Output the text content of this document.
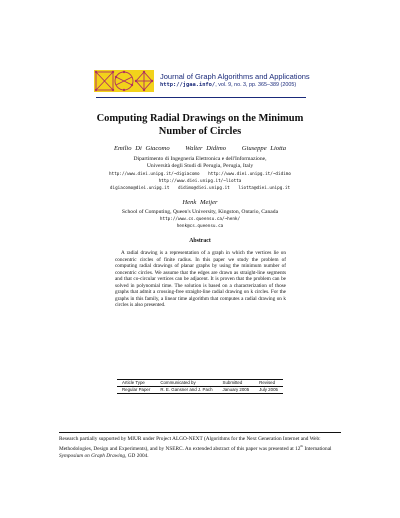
Journal of Graph Algorithms and Applications
http://jgaa.info/, vol. 9, no. 3, pp. 365–389 (2005)
Computing Radial Drawings on the Minimum
Number of Circles
Emilio Di Giacomo Walter Didimo Giuseppe Liotta
Dipartimento di Ingegneria Elettronica e dell'Informazione,
Università degli Studi di Perugia, Perugia, Italy
http://www.diei.unipg.it/~digiacomo http://www.diei.unipg.it/~didimo
http://www.diei.unipg.it/~liotta
digiacomo@diei.unipg.it didimo@diei.unipg.it liotta@diei.unipg.it
Henk Meijer
School of Computing, Queen's University, Kingston, Ontario, Canada
http://www.cs.queensu.ca/~henk/
henk@cs.queensu.ca
Abstract
A radial drawing is a representation of a graph in which the vertices lie on concentric circles of finite radius. In this paper we study the problem of computing radial drawings of planar graphs by using the minimum number of concentric circles. We assume that the edges are drawn as straight-line segments and that co-circular vertices can be adjacent. It is proven that the problem can be solved in polynomial time. The solution is based on a characterization of those graphs that admit a crossing-free straight-line radial drawing on k circles. For the graphs in this family, a linear time algorithm that computes a radial drawing on k circles is also presented.
Article Type	Communicated by	Submitted	Revised
Regular Paper	R. E. Gansner and J. Pach	January 2005	July 2005
Research partially supported by MIUR under Project ALGO-NEXT (Algorithms for the Next Generation Internet and Web: Methodologies, Design and Experiments), and by NSERC. An extended abstract of this paper was presented at 12th International Symposium on Graph Drawing, GD 2004.
